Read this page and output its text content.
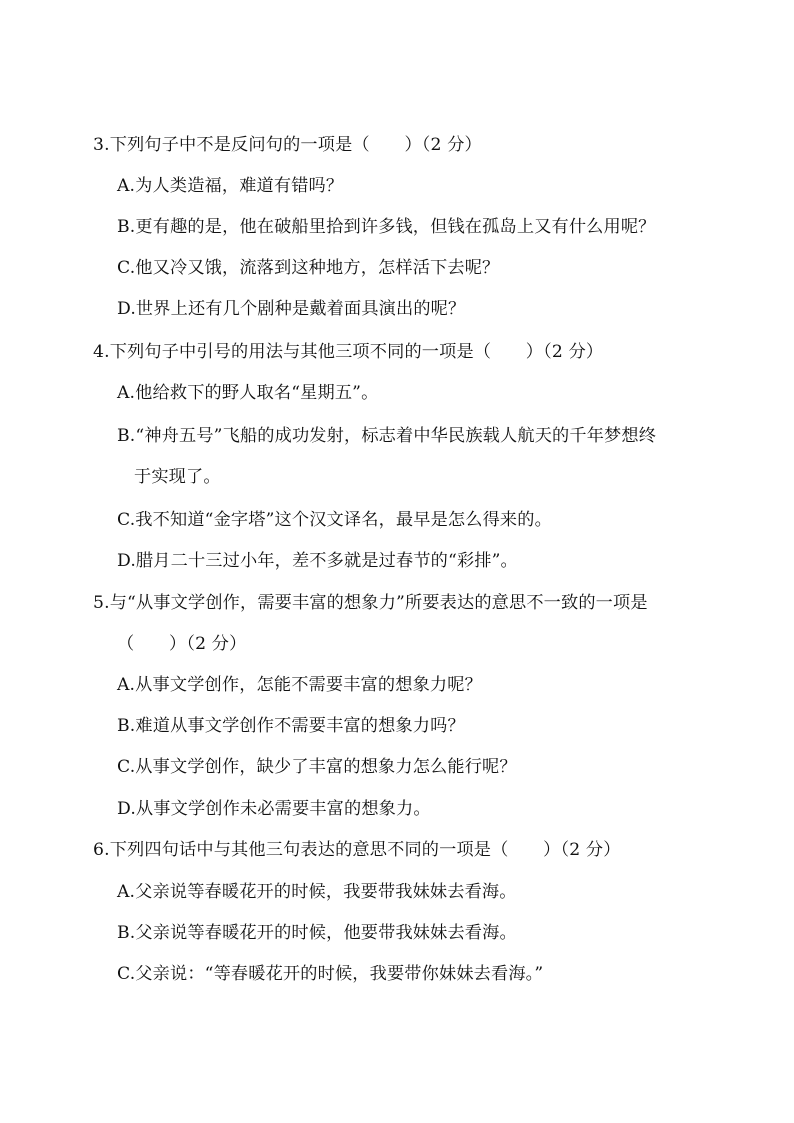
3.下列句子中不是反问句的一项是（　　）（2 分）
A.为人类造福，难道有错吗？
B.更有趣的是，他在破船里拾到许多钱，但钱在孤岛上又有什么用呢？
C.他又冷又饿，流落到这种地方，怎样活下去呢？
D.世界上还有几个剧种是戴着面具演出的呢？
4.下列句子中引号的用法与其他三项不同的一项是（　　）（2 分）
A.他给救下的野人取名“星期五”。
B.“神舟五号”飞船的成功发射，标志着中华民族载人航天的千年梦想终
于实现了。
C.我不知道“金字塔”这个汉文译名，最早是怎么得来的。
D.腊月二十三过小年，差不多就是过春节的“彩排”。
5.与“从事文学创作，需要丰富的想象力”所要表达的意思不一致的一项是
（　　）（2 分）
A.从事文学创作，怎能不需要丰富的想象力呢？
B.难道从事文学创作不需要丰富的想象力吗？
C.从事文学创作，缺少了丰富的想象力怎么能行呢？
D.从事文学创作未必需要丰富的想象力。
6.下列四句话中与其他三句表达的意思不同的一项是（　　）（2 分）
A.父亲说等春暖花开的时候，我要带我妹妹去看海。
B.父亲说等春暖花开的时候，他要带我妹妹去看海。
C.父亲说：“等春暖花开的时候，我要带你妹妹去看海。”
